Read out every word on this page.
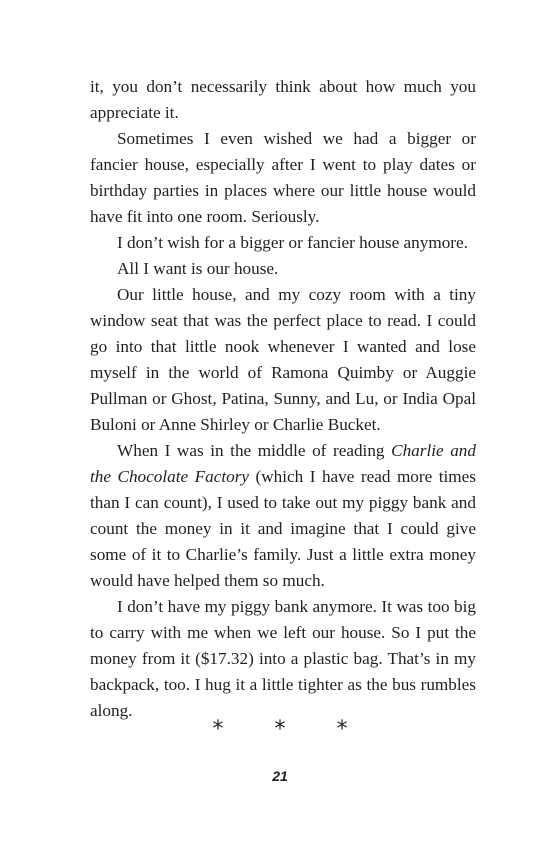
it, you don’t necessarily think about how much you appreciate it.

Sometimes I even wished we had a bigger or fancier house, especially after I went to play dates or birthday parties in places where our little house would have fit into one room. Seriously.

I don’t wish for a bigger or fancier house anymore.

All I want is our house.

Our little house, and my cozy room with a tiny window seat that was the perfect place to read. I could go into that little nook whenever I wanted and lose myself in the world of Ramona Quimby or Auggie Pullman or Ghost, Patina, Sunny, and Lu, or India Opal Buloni or Anne Shirley or Charlie Bucket.

When I was in the middle of reading Charlie and the Chocolate Factory (which I have read more times than I can count), I used to take out my piggy bank and count the money in it and imagine that I could give some of it to Charlie’s family. Just a little extra money would have helped them so much.

I don’t have my piggy bank anymore. It was too big to carry with me when we left our house. So I put the money from it ($17.32) into a plastic bag. That’s in my backpack, too. I hug it a little tighter as the bus rumbles along.

* * *
21
